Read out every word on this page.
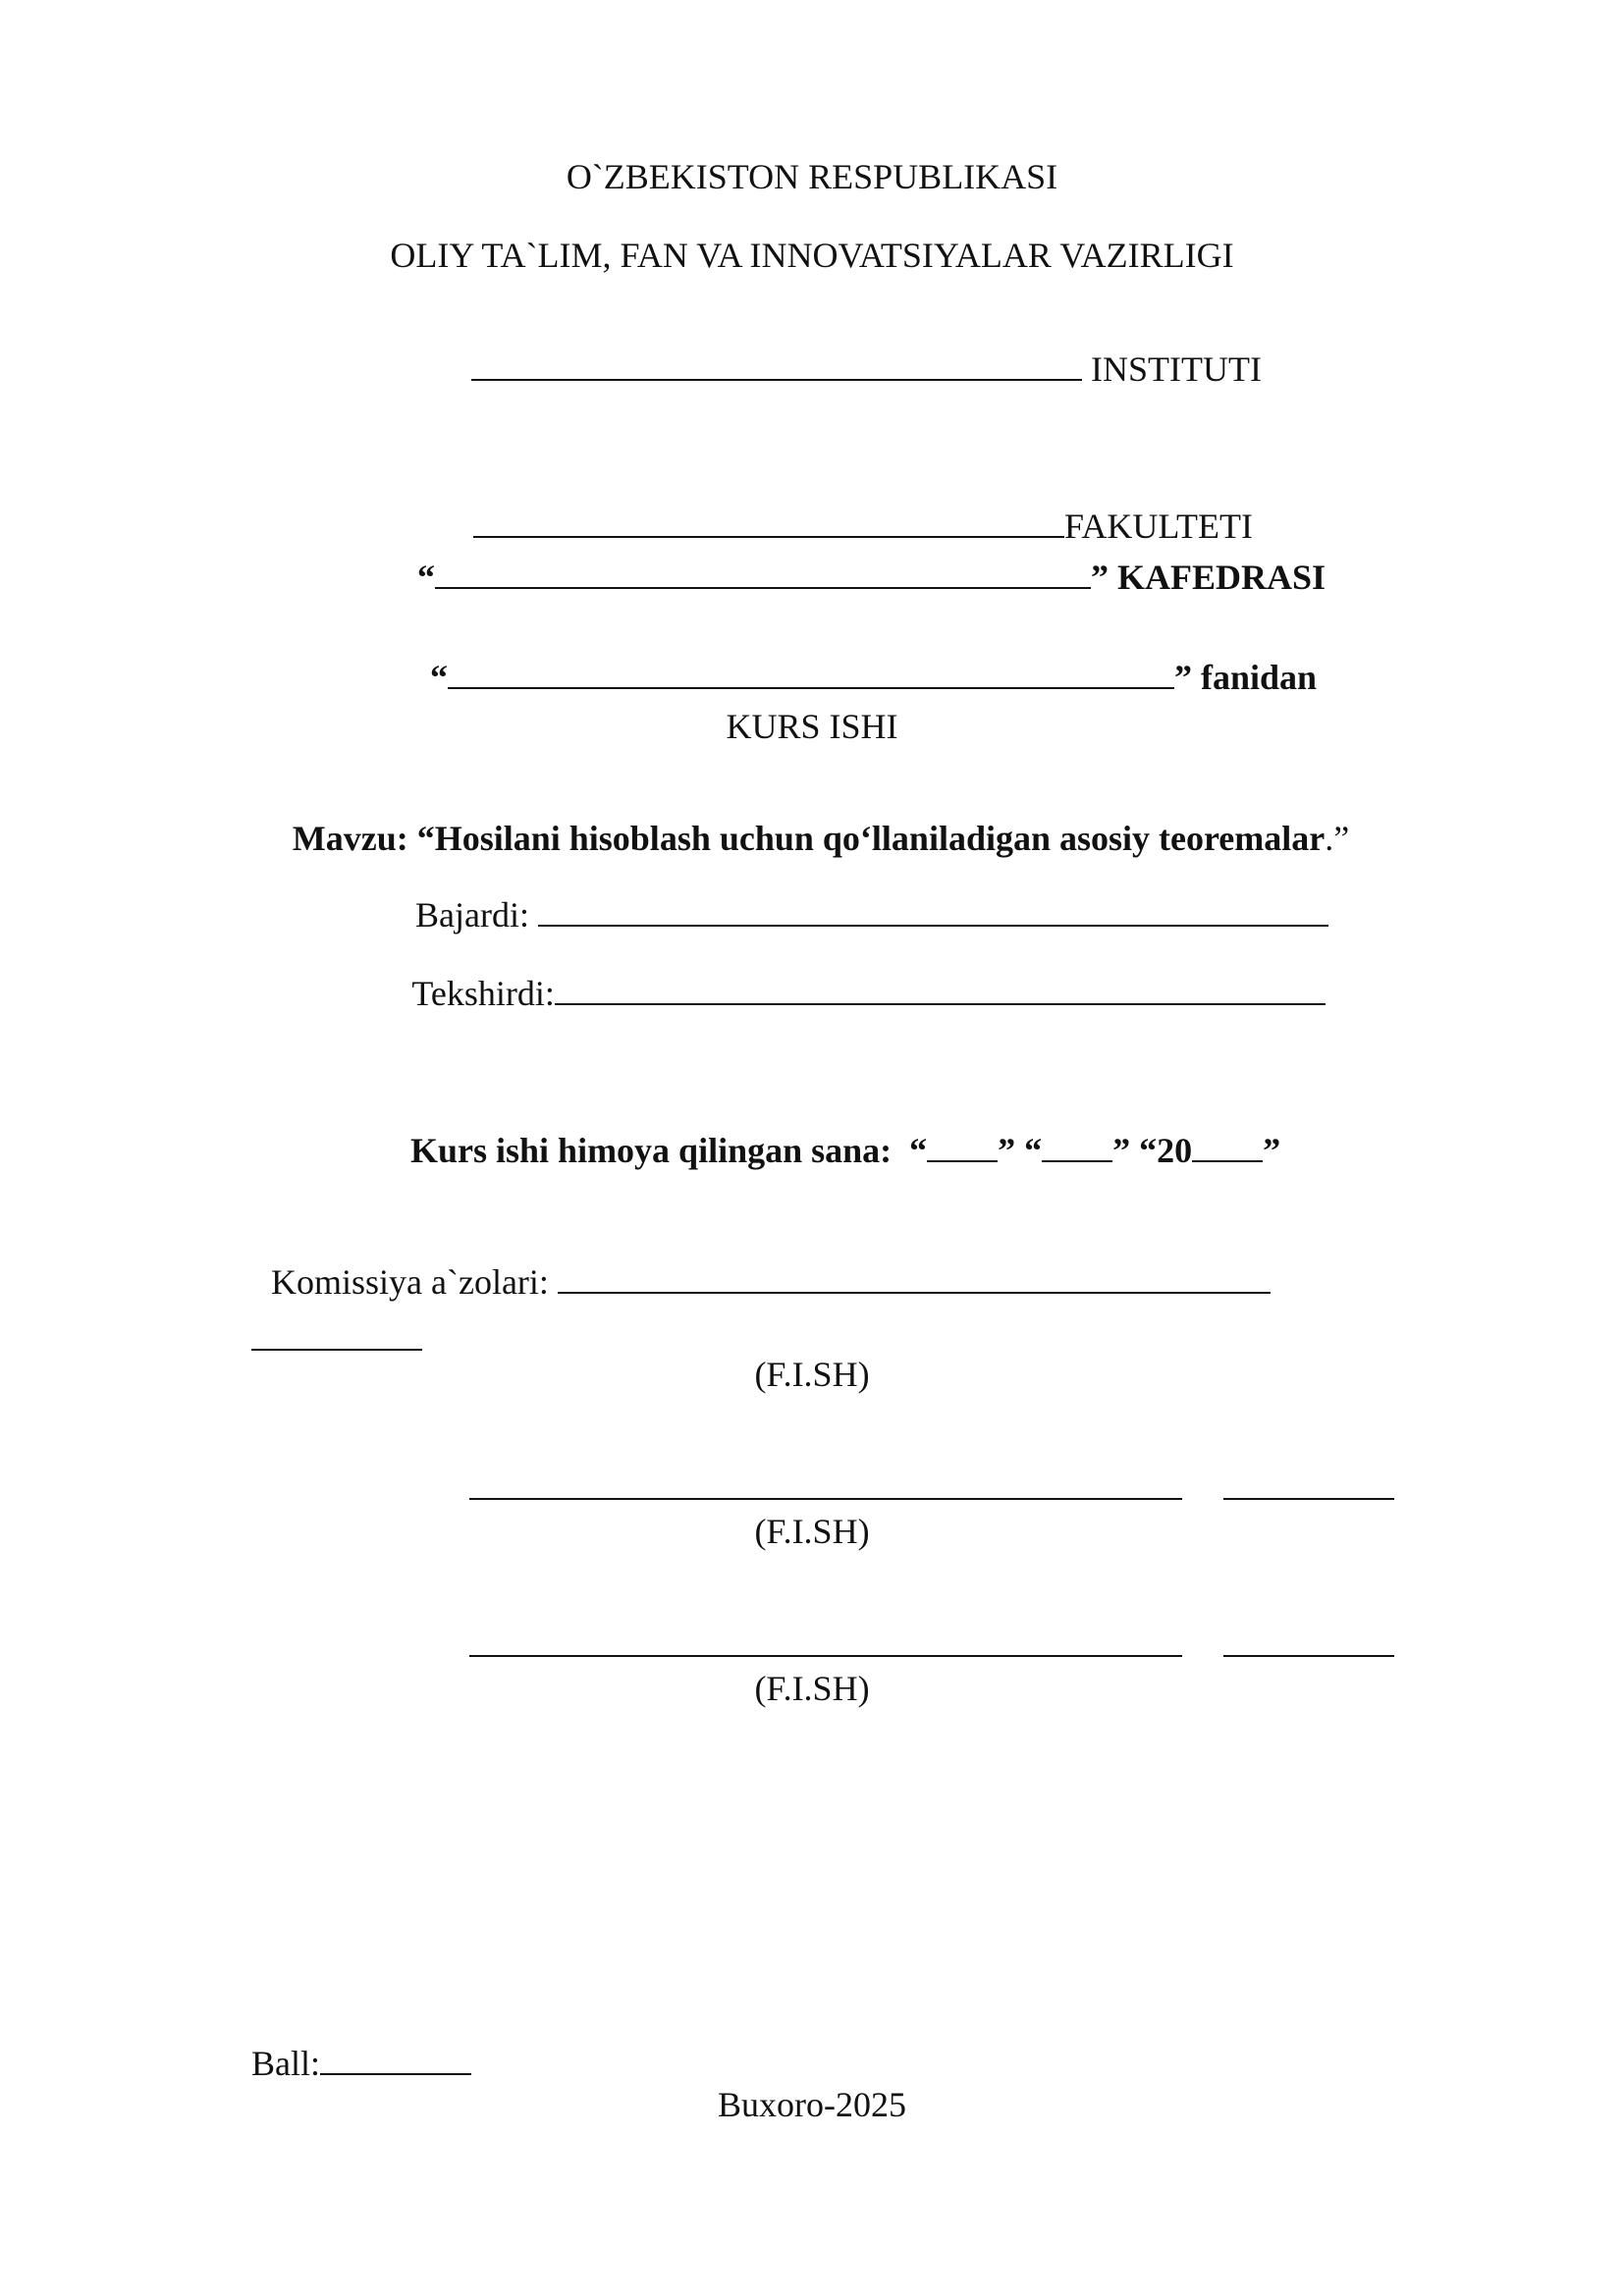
O`ZBEKISTON RESPUBLIKASI
OLIY TA`LIM, FAN VA INNOVATSIYALAR VAZIRLIGI

INSTITUTI

FAKULTETI

“	” KAFEDRASI

“	” fanidan

KURS ISHI

Mavzu: “Hosilani hisoblash uchun qo‘llaniladigan asosiy teoremalar.”

Bajardi:

Tekshirdi:

Kurs ishi himoya qilingan sana: “ ” “ ” “20 ”

Komissiya a`zolari:

(F.I.SH)

(F.I.SH)

(F.I.SH)

Ball:

Buxoro-2025
